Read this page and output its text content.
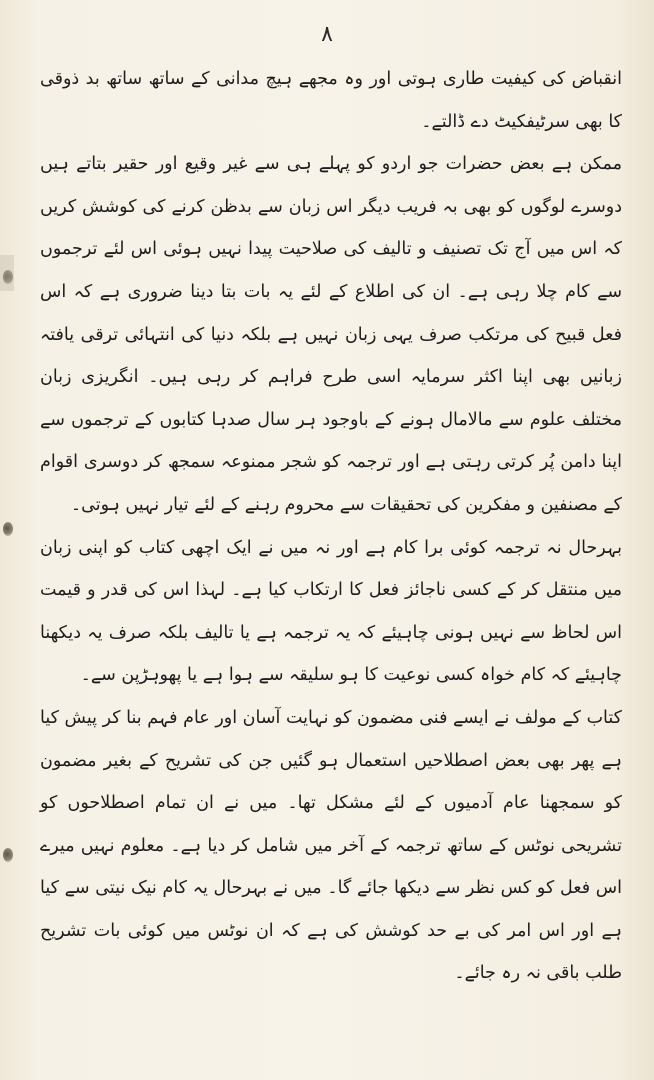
۸

انقباض کی کیفیت طاری ہوتی اور وہ مجھے ہیچ مدانی کے ساتھ ساتھ بد ذوقی کا بھی سرٹیفکیٹ دے ڈالتے۔

ممکن ہے بعض حضرات جو اردو کو پہلے ہی سے غیر وقیع اور حقیر بتاتے ہیں دوسرے لوگوں کو بھی بہ فریب دیگر اس زبان سے بدظن کرنے کی کوشش کریں کہ اس میں آج تک تصنیف و تالیف کی صلاحیت پیدا نہیں ہوئی اس لئے ترجموں سے کام چلا رہی ہے۔ ان کی اطلاع کے لئے یہ بات بتا دینا ضروری ہے کہ اس فعل قبیح کی مرتکب صرف یہی زبان نہیں ہے بلکہ دنیا کی انتہائی ترقی یافتہ زبانیں بھی اپنا اکثر سرمایہ اسی طرح فراہم کر رہی ہیں۔ انگریزی زبان مختلف علوم سے مالامال ہونے کے باوجود ہر سال صدہا کتابوں کے ترجموں سے اپنا دامن پُر کرتی رہتی ہے اور ترجمہ کو شجر ممنوعہ سمجھ کر دوسری اقوام کے مصنفین و مفکرین کی تحقیقات سے محروم رہنے کے لئے تیار نہیں ہوتی۔

بہرحال نہ ترجمہ کوئی برا کام ہے اور نہ میں نے ایک اچھی کتاب کو اپنی زبان میں منتقل کر کے کسی ناجائز فعل کا ارتکاب کیا ہے۔ لہذا اس کی قدر و قیمت اس لحاظ سے نہیں ہونی چاہیئے کہ یہ ترجمہ ہے یا تالیف بلکہ صرف یہ دیکھنا چاہیئے کہ کام خواہ کسی نوعیت کا ہو سلیقہ سے ہوا ہے یا پھوہڑپن سے۔

کتاب کے مولف نے ایسے فنی مضمون کو نہایت آسان اور عام فہم بنا کر پیش کیا ہے پھر بھی بعض اصطلاحیں استعمال ہو گئیں جن کی تشریح کے بغیر مضمون کو سمجھنا عام آدمیوں کے لئے مشکل تھا۔ میں نے ان تمام اصطلاحوں کو تشریحی نوٹس کے ساتھ ترجمہ کے آخر میں شامل کر دیا ہے۔ معلوم نہیں میرے اس فعل کو کس نظر سے دیکھا جائے گا۔ میں نے بہرحال یہ کام نیک نیتی سے کیا ہے اور اس امر کی بے حد کوشش کی ہے کہ ان نوٹس میں کوئی بات تشریح طلب باقی نہ رہ جائے۔
